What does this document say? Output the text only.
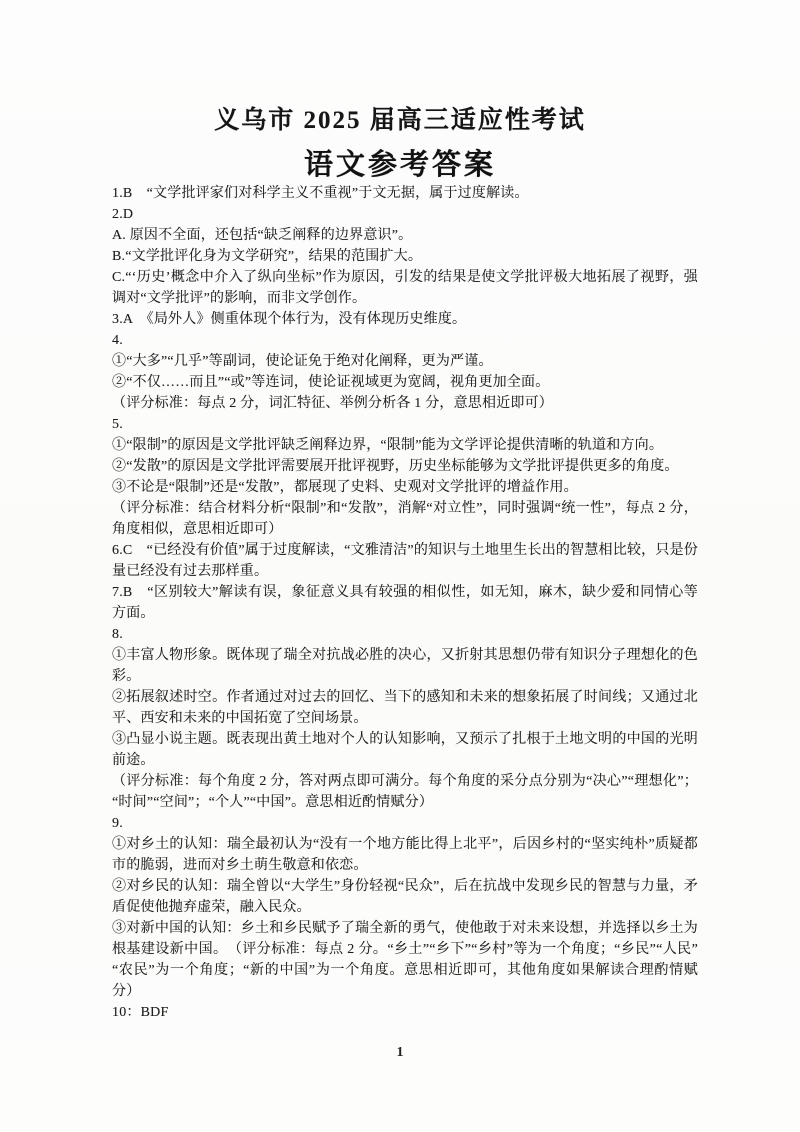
义乌市 2025 届高三适应性考试
语文参考答案

1.B　“文学批评家们对科学主义不重视”于文无据，属于过度解读。

2.D

A. 原因不全面，还包括“缺乏阐释的边界意识”。

B.“文学批评化身为文学研究”，结果的范围扩大。

C.“‘历史’概念中介入了纵向坐标”作为原因，引发的结果是使文学批评极大地拓展了视野，强调对“文学批评”的影响，而非文学创作。

3.A　《局外人》侧重体现个体行为，没有体现历史维度。

4.

①“大多”“几乎”等副词，使论证免于绝对化阐释，更为严谨。

②“不仅……而且”“或”等连词，使论证视域更为宽阔，视角更加全面。

（评分标准：每点 2 分，词汇特征、举例分析各 1 分，意思相近即可）

5.

①“限制”的原因是文学批评缺乏阐释边界，“限制”能为文学评论提供清晰的轨道和方向。

②“发散”的原因是文学批评需要展开批评视野，历史坐标能够为文学批评提供更多的角度。

③不论是“限制”还是“发散”，都展现了史料、史观对文学批评的增益作用。

（评分标准：结合材料分析“限制”和“发散”，消解“对立性”，同时强调“统一性”，每点 2 分，角度相似，意思相近即可）

6.C　“已经没有价值”属于过度解读，“文雅清洁”的知识与土地里生长出的智慧相比较，只是份量已经没有过去那样重。

7.B　“区别较大”解读有误，象征意义具有较强的相似性，如无知，麻木，缺少爱和同情心等方面。

8.

①丰富人物形象。既体现了瑞全对抗战必胜的决心，又折射其思想仍带有知识分子理想化的色彩。

②拓展叙述时空。作者通过对过去的回忆、当下的感知和未来的想象拓展了时间线；又通过北平、西安和未来的中国拓宽了空间场景。

③凸显小说主题。既表现出黄土地对个人的认知影响，又预示了扎根于土地文明的中国的光明前途。

（评分标准：每个角度 2 分，答对两点即可满分。每个角度的采分点分别为“决心”“理想化”；“时间”“空间”；“个人”“中国”。意思相近酌情赋分）

9.

①对乡土的认知：瑞全最初认为“没有一个地方能比得上北平”，后因乡村的“坚实纯朴”质疑都市的脆弱，进而对乡土萌生敬意和依恋。

②对乡民的认知：瑞全曾以“大学生”身份轻视“民众”，后在抗战中发现乡民的智慧与力量，矛盾促使他抛弃虚荣，融入民众。

③对新中国的认知：乡土和乡民赋予了瑞全新的勇气，使他敢于对未来设想，并选择以乡土为根基建设新中国。　（评分标准：每点 2 分。“乡土”“乡下”“乡村”等为一个角度；“乡民”“人民”“农民”为一个角度；“新的中国”为一个角度。意思相近即可，其他角度如果解读合理酌情赋分）

10：BDF

1
